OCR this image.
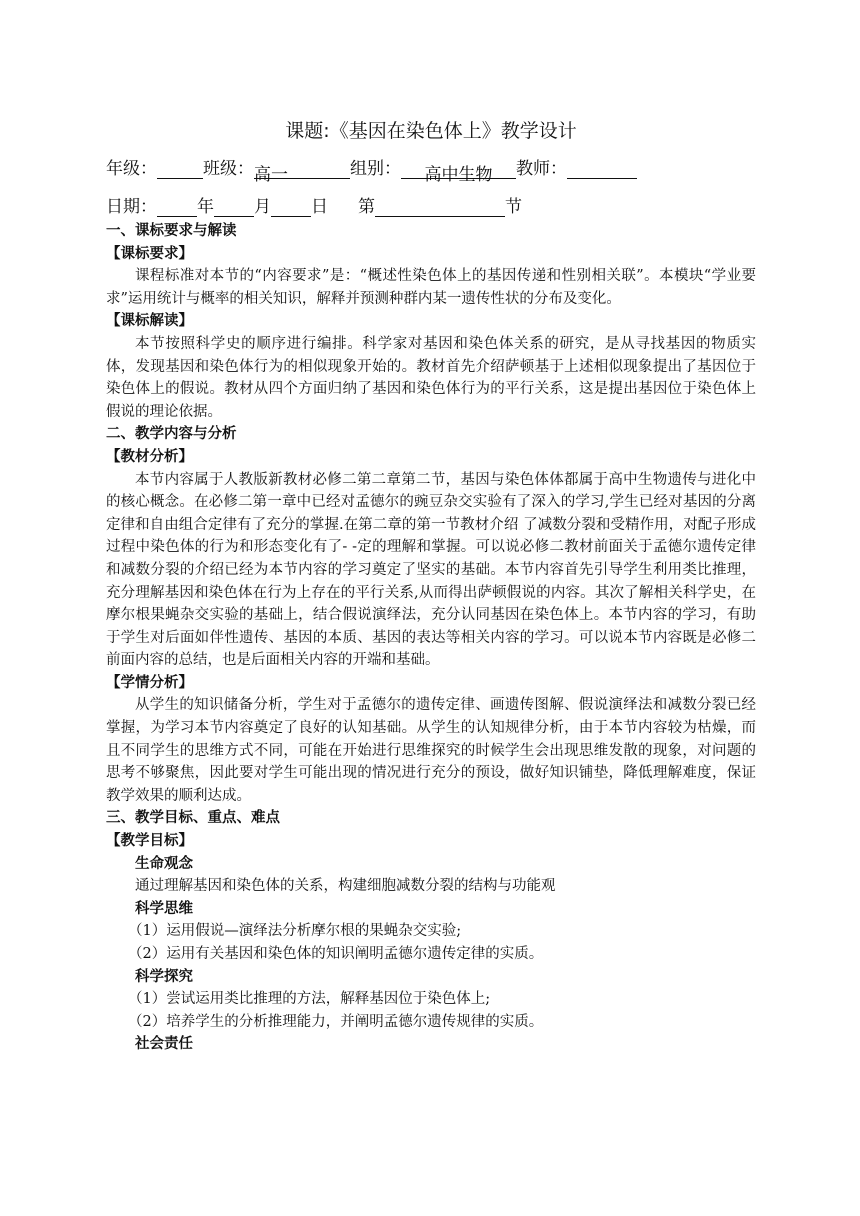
课题:《基因在染色体上》教学设计
年级：	班级：高一	组别： 高中生物 教师：
日期： 年 月 日 第	节

一、课标要求与解读

【课标要求】

课程标准对本节的“内容要求”是：“概述性染色体上的基因传递和性别相关联”。本模块“学业要求”运用统计与概率的相关知识，解释并预测种群内某一遗传性状的分布及变化。

【课标解读】

本节按照科学史的顺序进行编排。科学家对基因和染色体关系的研究，是从寻找基因的物质实体，发现基因和染色体行为的相似现象开始的。教材首先介绍萨顿基于上述相似现象提出了基因位于染色体上的假说。教材从四个方面归纳了基因和染色体行为的平行关系，这是提出基因位于染色体上假说的理论依据。

二、教学内容与分析

【教材分析】

本节内容属于人教版新教材必修二第二章第二节，基因与染色体体都属于高中生物遗传与进化中的核心概念。在必修二第一章中已经对孟德尔的豌豆杂交实验有了深入的学习,学生已经对基因的分离定律和自由组合定律有了充分的掌握.在第二章的第一节教材介绍 了减数分裂和受精作用，对配子形成过程中染色体的行为和形态变化有了- -定的理解和掌握。可以说必修二教材前面关于孟德尔遗传定律和减数分裂的介绍已经为本节内容的学习奠定了坚实的基础。本节内容首先引导学生利用类比推理，充分理解基因和染色体在行为上存在的平行关系,从而得出萨顿假说的内容。其次了解相关科学史，在摩尔根果蝇杂交实验的基础上，结合假说演绎法，充分认同基因在染色体上。本节内容的学习，有助于学生对后面如伴性遗传、基因的本质、基因的表达等相关内容的学习。可以说本节内容既是必修二前面内容的总结，也是后面相关内容的开端和基础。

【学情分析】

从学生的知识储备分析，学生对于孟德尔的遗传定律、画遗传图解、假说演绎法和减数分裂已经掌握，为学习本节内容奠定了良好的认知基础。从学生的认知规律分析，由于本节内容较为枯燥，而且不同学生的思维方式不同，可能在开始进行思维探究的时候学生会出现思维发散的现象，对问题的思考不够聚焦，因此要对学生可能出现的情况进行充分的预设，做好知识铺垫，降低理解难度，保证教学效果的顺利达成。

三、教学目标、重点、难点

【教学目标】

生命观念

通过理解基因和染色体的关系，构建细胞减数分裂的结构与功能观

科学思维

（1）运用假说—演绎法分析摩尔根的果蝇杂交实验;

（2）运用有关基因和染色体的知识阐明孟德尔遗传定律的实质。

科学探究

（1）尝试运用类比推理的方法，解释基因位于染色体上;

（2）培养学生的分析推理能力，并阐明孟德尔遗传规律的实质。

社会责任
